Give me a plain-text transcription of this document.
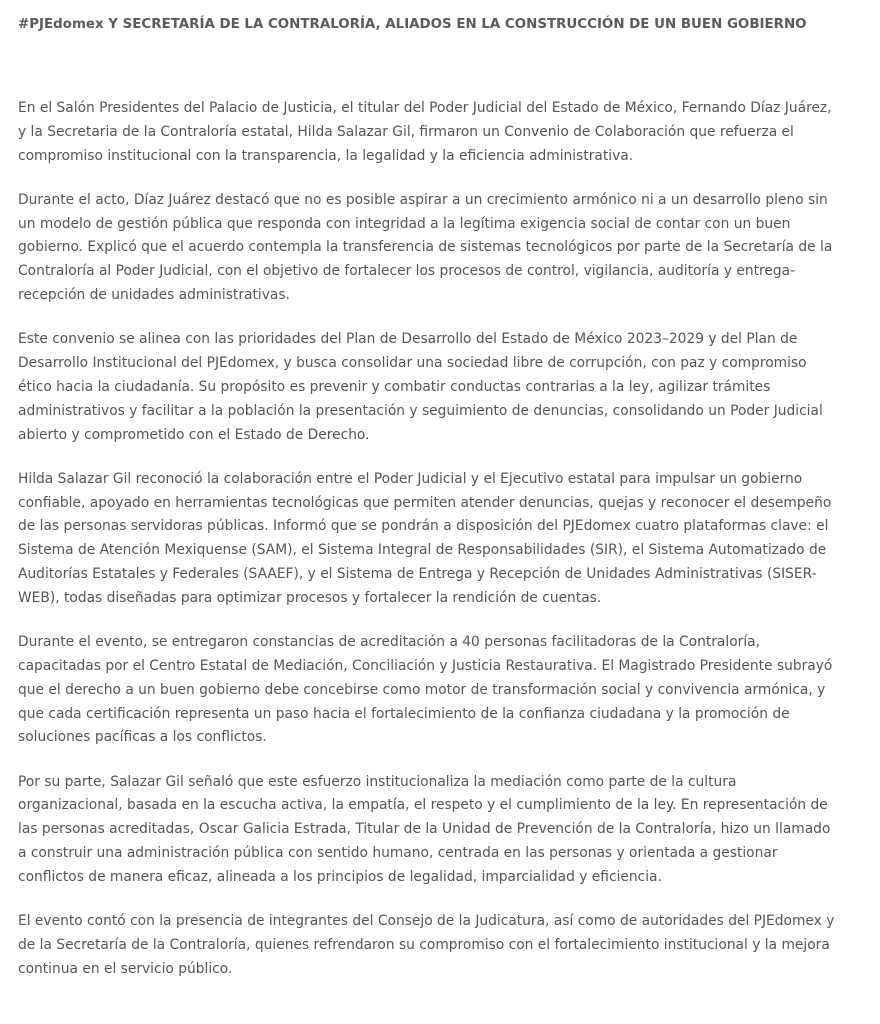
#PJEdomex Y SECRETARÍA DE LA CONTRALORÍA, ALIADOS EN LA CONSTRUCCIÓN DE UN BUEN GOBIERNO

En el Salón Presidentes del Palacio de Justicia, el titular del Poder Judicial del Estado de México, Fernando Díaz Juárez, y la Secretaria de la Contraloría estatal, Hilda Salazar Gil, firmaron un Convenio de Colaboración que refuerza el compromiso institucional con la transparencia, la legalidad y la eficiencia administrativa.

Durante el acto, Díaz Juárez destacó que no es posible aspirar a un crecimiento armónico ni a un desarrollo pleno sin un modelo de gestión pública que responda con integridad a la legítima exigencia social de contar con un buen gobierno. Explicó que el acuerdo contempla la transferencia de sistemas tecnológicos por parte de la Secretaría de la Contraloría al Poder Judicial, con el objetivo de fortalecer los procesos de control, vigilancia, auditoría y entrega-recepción de unidades administrativas.

Este convenio se alinea con las prioridades del Plan de Desarrollo del Estado de México 2023–2029 y del Plan de Desarrollo Institucional del PJEdomex, y busca consolidar una sociedad libre de corrupción, con paz y compromiso ético hacia la ciudadanía. Su propósito es prevenir y combatir conductas contrarias a la ley, agilizar trámites administrativos y facilitar a la población la presentación y seguimiento de denuncias, consolidando un Poder Judicial abierto y comprometido con el Estado de Derecho.

Hilda Salazar Gil reconoció la colaboración entre el Poder Judicial y el Ejecutivo estatal para impulsar un gobierno confiable, apoyado en herramientas tecnológicas que permiten atender denuncias, quejas y reconocer el desempeño de las personas servidoras públicas. Informó que se pondrán a disposición del PJEdomex cuatro plataformas clave: el Sistema de Atención Mexiquense (SAM), el Sistema Integral de Responsabilidades (SIR), el Sistema Automatizado de Auditorías Estatales y Federales (SAAEF), y el Sistema de Entrega y Recepción de Unidades Administrativas (SISER-WEB), todas diseñadas para optimizar procesos y fortalecer la rendición de cuentas.

Durante el evento, se entregaron constancias de acreditación a 40 personas facilitadoras de la Contraloría, capacitadas por el Centro Estatal de Mediación, Conciliación y Justicia Restaurativa. El Magistrado Presidente subrayó que el derecho a un buen gobierno debe concebirse como motor de transformación social y convivencia armónica, y que cada certificación representa un paso hacia el fortalecimiento de la confianza ciudadana y la promoción de soluciones pacíficas a los conflictos.

Por su parte, Salazar Gil señaló que este esfuerzo institucionaliza la mediación como parte de la cultura organizacional, basada en la escucha activa, la empatía, el respeto y el cumplimiento de la ley. En representación de las personas acreditadas, Oscar Galicia Estrada, Titular de la Unidad de Prevención de la Contraloría, hizo un llamado a construir una administración pública con sentido humano, centrada en las personas y orientada a gestionar conflictos de manera eficaz, alineada a los principios de legalidad, imparcialidad y eficiencia.

El evento contó con la presencia de integrantes del Consejo de la Judicatura, así como de autoridades del PJEdomex y de la Secretaría de la Contraloría, quienes refrendaron su compromiso con el fortalecimiento institucional y la mejora continua en el servicio público.
